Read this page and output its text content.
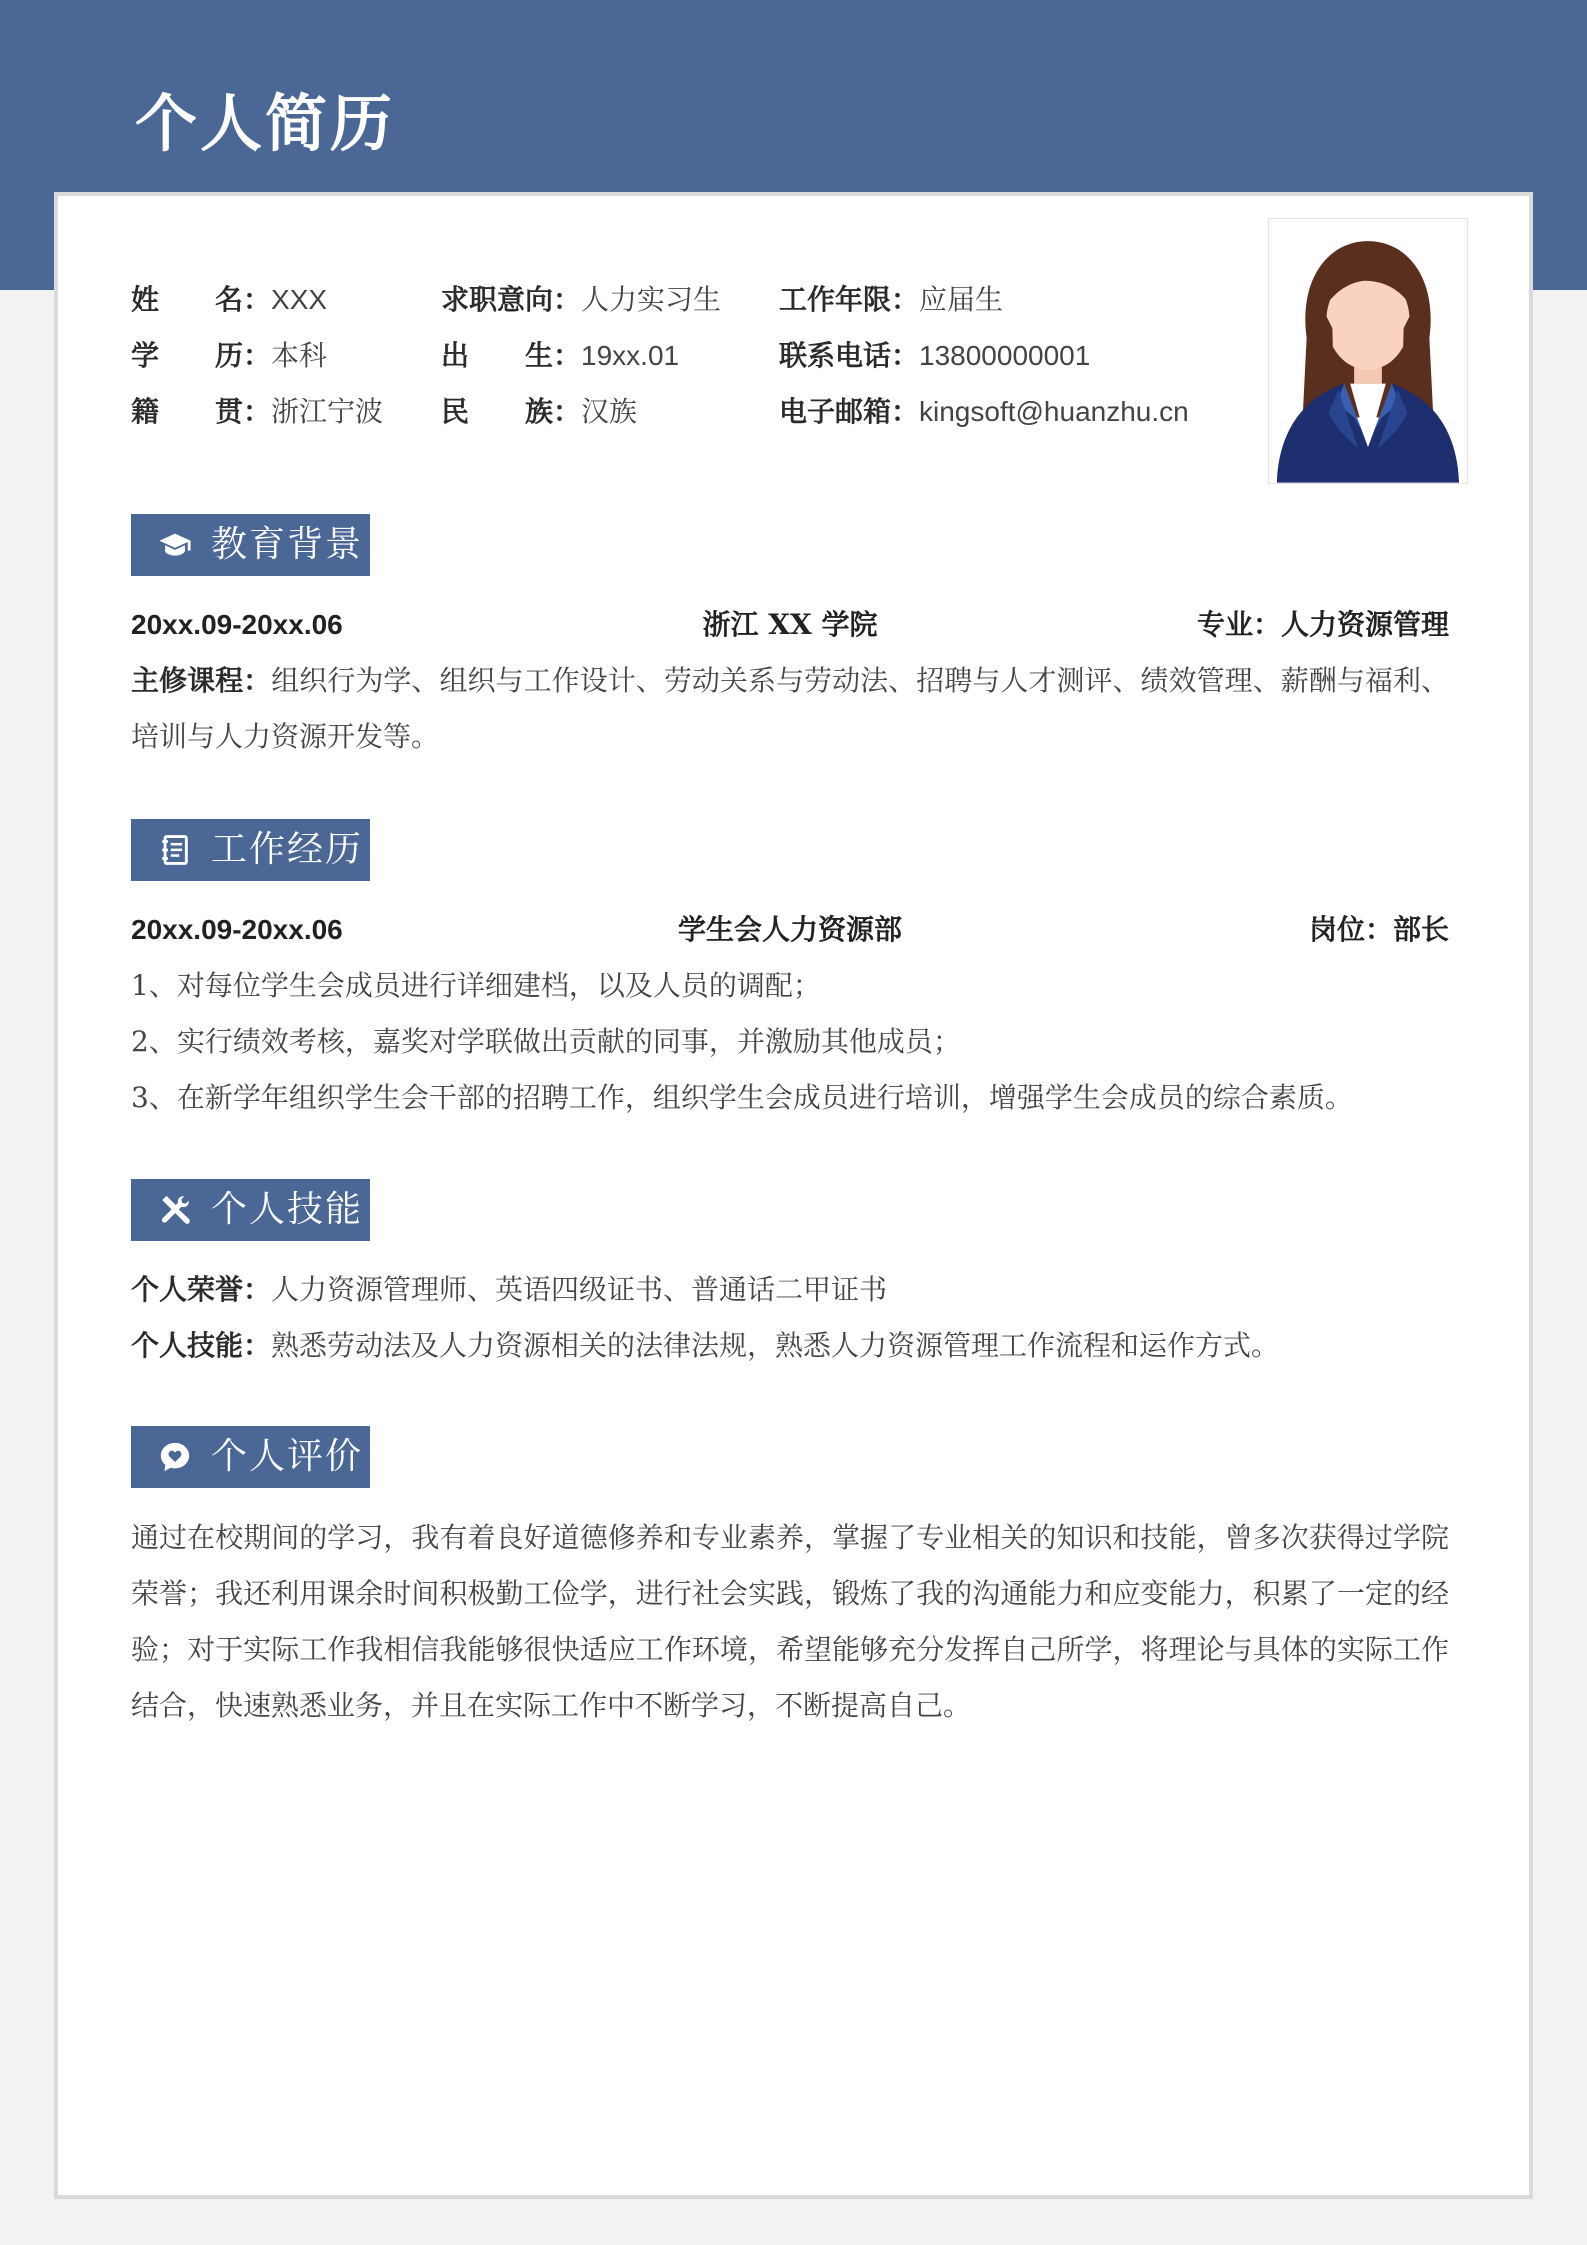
个人简历
姓　　名：XXX	求职意向：人力实习生 工作年限：应届生
学　　历：本科	出　　生：19xx.01	联系电话：13800000001
籍　　贯：浙江宁波 民　　族：汉族	电子邮箱：kingsoft@huanzhu.cn
教育背景
20xx.09-20xx.06	浙江 XX 学院	专业：人力资源管理
主修课程：组织行为学、组织与工作设计、劳动关系与劳动法、招聘与人才测评、绩效管理、薪酬与福利、培训与人力资源开发等。
工作经历
20xx.09-20xx.06	学生会人力资源部	岗位：部长
1、对每位学生会成员进行详细建档，以及人员的调配；
2、实行绩效考核，嘉奖对学联做出贡献的同事，并激励其他成员；
3、在新学年组织学生会干部的招聘工作，组织学生会成员进行培训，增强学生会成员的综合素质。
个人技能
个人荣誉：人力资源管理师、英语四级证书、普通话二甲证书
个人技能：熟悉劳动法及人力资源相关的法律法规，熟悉人力资源管理工作流程和运作方式。
个人评价
通过在校期间的学习，我有着良好道德修养和专业素养，掌握了专业相关的知识和技能，曾多次获得过学院荣誉；我还利用课余时间积极勤工俭学，进行社会实践，锻炼了我的沟通能力和应变能力，积累了一定的经验；对于实际工作我相信我能够很快适应工作环境，希望能够充分发挥自己所学，将理论与具体的实际工作结合，快速熟悉业务，并且在实际工作中不断学习，不断提高自己。
